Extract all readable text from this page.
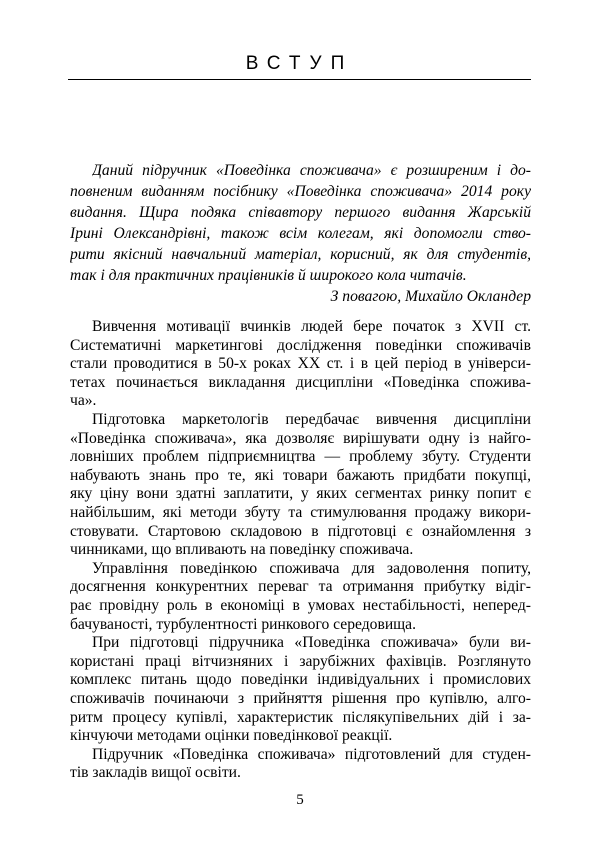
ВСТУП
Даний підручник «Поведінка споживача» є розширеним і до-
повненим виданням посібнику «Поведінка споживача» 2014 року
видання. Щира подяка співавтору першого видання Жарській
Ірині Олександрівні, також всім колегам, які допомогли ство-
рити якісний навчальний матеріал, корисний, як для студентів,
так і для практичних працівників й широкого кола читачів.
З повагою, Михайло Окландер
Вивчення мотивації вчинків людей бере початок з XVII ст.
Систематичні маркетингові дослідження поведінки споживачів
стали проводитися в 50-х роках XX ст. і в цей період в універси-
тетах починається викладання дисципліни «Поведінка спожива-
ча».
Підготовка маркетологів передбачає вивчення дисципліни
«Поведінка споживача», яка дозволяє вирішувати одну із найго-
ловніших проблем підприємництва — проблему збуту. Студенти
набувають знань про те, які товари бажають придбати покупці,
яку ціну вони здатні заплатити, у яких сегментах ринку попит є
найбільшим, які методи збуту та стимулювання продажу викори-
стовувати. Стартовою складовою в підготовці є ознайомлення з
чинниками, що впливають на поведінку споживача.
Управління поведінкою споживача для задоволення попиту,
досягнення конкурентних переваг та отримання прибутку відіг-
рає провідну роль в економіці в умовах нестабільності, неперед-
бачуваності, турбулентності ринкового середовища.
При підготовці підручника «Поведінка споживача» були ви-
користані праці вітчизняних і зарубіжних фахівців. Розглянуто
комплекс питань щодо поведінки індивідуальних і промислових
споживачів починаючи з прийняття рішення про купівлю, алго-
ритм процесу купівлі, характеристик післякупівельних дій і за-
кінчуючи методами оцінки поведінкової реакції.
Підручник «Поведінка споживача» підготовлений для студен-
тів закладів вищої освіти.
5
